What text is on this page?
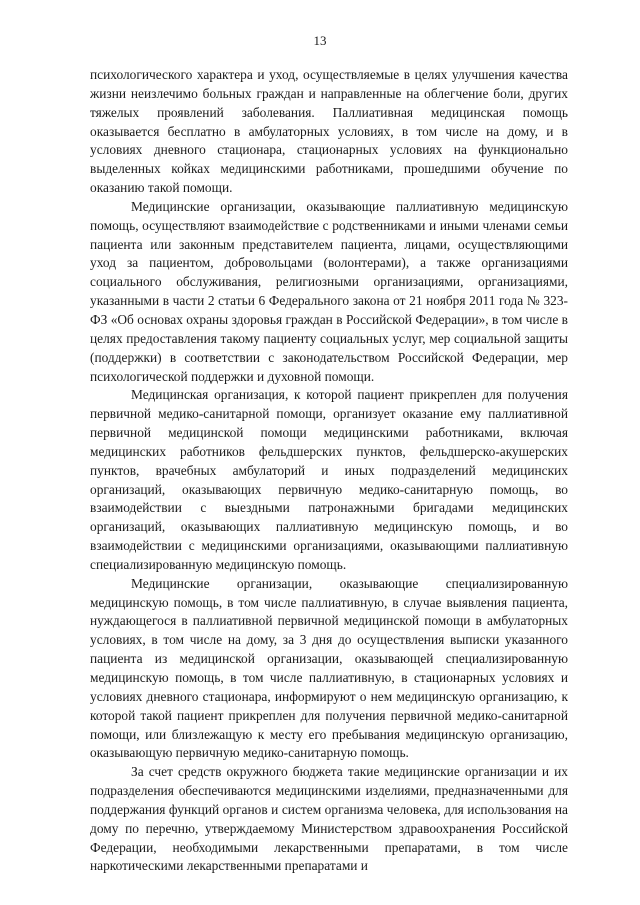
13

психологического характера и уход, осуществляемые в целях улучшения качества жизни неизлечимо больных граждан и направленные на облегчение боли, других тяжелых проявлений заболевания. Паллиативная медицинская помощь оказывается бесплатно в амбулаторных условиях, в том числе на дому, и в условиях дневного стационара, стационарных условиях на функционально выделенных койках медицинскими работниками, прошедшими обучение по оказанию такой помощи.

Медицинские организации, оказывающие паллиативную медицинскую помощь, осуществляют взаимодействие с родственниками и иными членами семьи пациента или законным представителем пациента, лицами, осуществляющими уход за пациентом, добровольцами (волонтерами), а также организациями социального обслуживания, религиозными организациями, организациями, указанными в части 2 статьи 6 Федерального закона от 21 ноября 2011 года № 323-ФЗ «Об основах охраны здоровья граждан в Российской Федерации», в том числе в целях предоставления такому пациенту социальных услуг, мер социальной защиты (поддержки) в соответствии с законодательством Российской Федерации, мер психологической поддержки и духовной помощи.

Медицинская организация, к которой пациент прикреплен для получения первичной медико-санитарной помощи, организует оказание ему паллиативной первичной медицинской помощи медицинскими работниками, включая медицинских работников фельдшерских пунктов, фельдшерско-акушерских пунктов, врачебных амбулаторий и иных подразделений медицинских организаций, оказывающих первичную медико-санитарную помощь, во взаимодействии с выездными патронажными бригадами медицинских организаций, оказывающих паллиативную медицинскую помощь, и во взаимодействии с медицинскими организациями, оказывающими паллиативную специализированную медицинскую помощь.

Медицинские организации, оказывающие специализированную медицинскую помощь, в том числе паллиативную, в случае выявления пациента, нуждающегося в паллиативной первичной медицинской помощи в амбулаторных условиях, в том числе на дому, за 3 дня до осуществления выписки указанного пациента из медицинской организации, оказывающей специализированную медицинскую помощь, в том числе паллиативную, в стационарных условиях и условиях дневного стационара, информируют о нем медицинскую организацию, к которой такой пациент прикреплен для получения первичной медико-санитарной помощи, или близлежащую к месту его пребывания медицинскую организацию, оказывающую первичную медико-санитарную помощь.

За счет средств окружного бюджета такие медицинские организации и их подразделения обеспечиваются медицинскими изделиями, предназначенными для поддержания функций органов и систем организма человека, для использования на дому по перечню, утверждаемому Министерством здравоохранения Российской Федерации, необходимыми лекарственными препаратами, в том числе наркотическими лекарственными препаратами и
